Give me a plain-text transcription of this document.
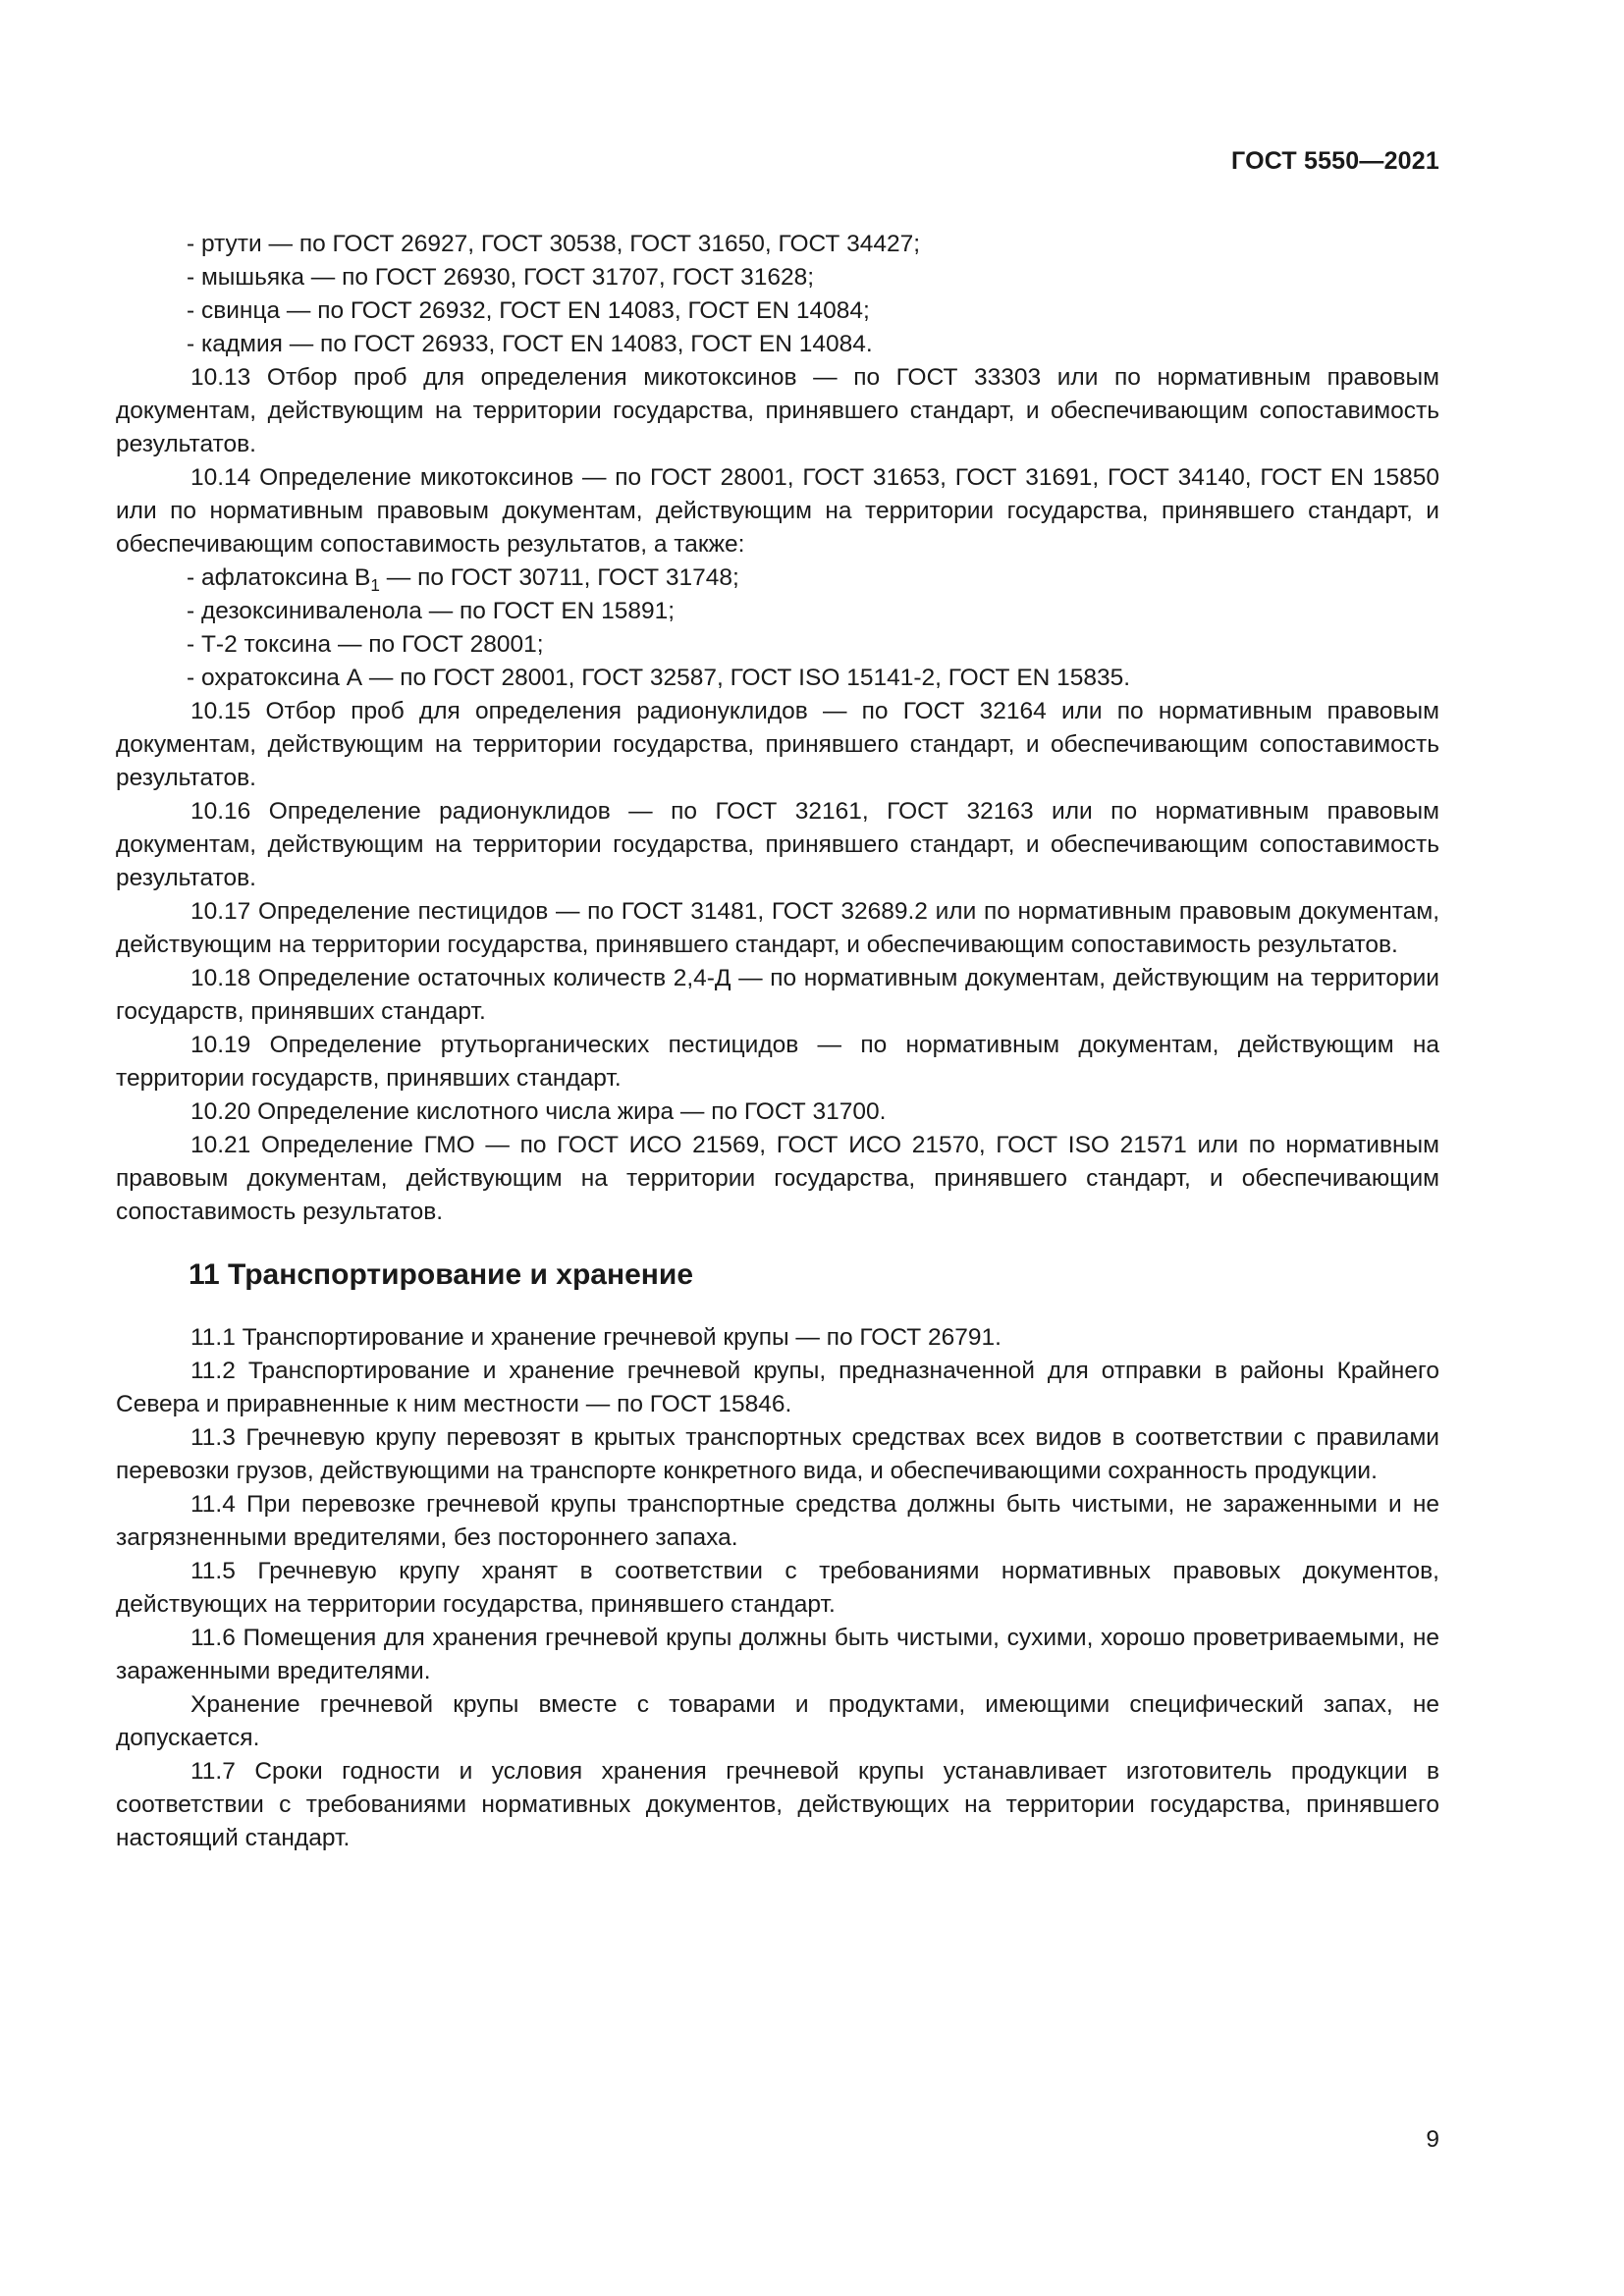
ГОСТ 5550—2021
- ртути — по ГОСТ 26927, ГОСТ 30538, ГОСТ 31650, ГОСТ 34427;
- мышьяка — по ГОСТ 26930, ГОСТ 31707, ГОСТ 31628;
- свинца — по ГОСТ 26932, ГОСТ EN 14083, ГОСТ EN 14084;
- кадмия — по ГОСТ 26933, ГОСТ EN 14083, ГОСТ EN 14084.

10.13 Отбор проб для определения микотоксинов — по ГОСТ 33303 или по нормативным правовым документам, действующим на территории государства, принявшего стандарт, и обеспечивающим сопоставимость результатов.

10.14 Определение микотоксинов — по ГОСТ 28001, ГОСТ 31653, ГОСТ 31691, ГОСТ 34140, ГОСТ EN 15850 или по нормативным правовым документам, действующим на территории государства, принявшего стандарт, и обеспечивающим сопоставимость результатов, а также:

- афлатоксина $B_1$ — по ГОСТ 30711, ГОСТ 31748;
- дезоксиниваленола — по ГОСТ EN 15891;
- Т-2 токсина — по ГОСТ 28001;
- охратоксина А — по ГОСТ 28001, ГОСТ 32587, ГОСТ ISO 15141-2, ГОСТ EN 15835.

10.15 Отбор проб для определения радионуклидов — по ГОСТ 32164 или по нормативным правовым документам, действующим на территории государства, принявшего стандарт, и обеспечивающим сопоставимость результатов.

10.16 Определение радионуклидов — по ГОСТ 32161, ГОСТ 32163 или по нормативным правовым документам, действующим на территории государства, принявшего стандарт, и обеспечивающим сопоставимость результатов.

10.17 Определение пестицидов — по ГОСТ 31481, ГОСТ 32689.2 или по нормативным правовым документам, действующим на территории государства, принявшего стандарт, и обеспечивающим сопоставимость результатов.

10.18 Определение остаточных количеств 2,4-Д — по нормативным документам, действующим на территории государств, принявших стандарт.

10.19 Определение ртутьорганических пестицидов — по нормативным документам, действующим на территории государств, принявших стандарт.

10.20 Определение кислотного числа жира — по ГОСТ 31700.

10.21 Определение ГМО — по ГОСТ ИСО 21569, ГОСТ ИСО 21570, ГОСТ ISO 21571 или по нормативным правовым документам, действующим на территории государства, принявшего стандарт, и обеспечивающим сопоставимость результатов.

11 Транспортирование и хранение

11.1 Транспортирование и хранение гречневой крупы — по ГОСТ 26791.

11.2 Транспортирование и хранение гречневой крупы, предназначенной для отправки в районы Крайнего Севера и приравненные к ним местности — по ГОСТ 15846.

11.3 Гречневую крупу перевозят в крытых транспортных средствах всех видов в соответствии с правилами перевозки грузов, действующими на транспорте конкретного вида, и обеспечивающими сохранность продукции.

11.4 При перевозке гречневой крупы транспортные средства должны быть чистыми, не зараженными и не загрязненными вредителями, без постороннего запаха.

11.5 Гречневую крупу хранят в соответствии с требованиями нормативных правовых документов, действующих на территории государства, принявшего стандарт.

11.6 Помещения для хранения гречневой крупы должны быть чистыми, сухими, хорошо проветриваемыми, не зараженными вредителями.

Хранение гречневой крупы вместе с товарами и продуктами, имеющими специфический запах, не допускается.

11.7 Сроки годности и условия хранения гречневой крупы устанавливает изготовитель продукции в соответствии с требованиями нормативных документов, действующих на территории государства, принявшего настоящий стандарт.

9
